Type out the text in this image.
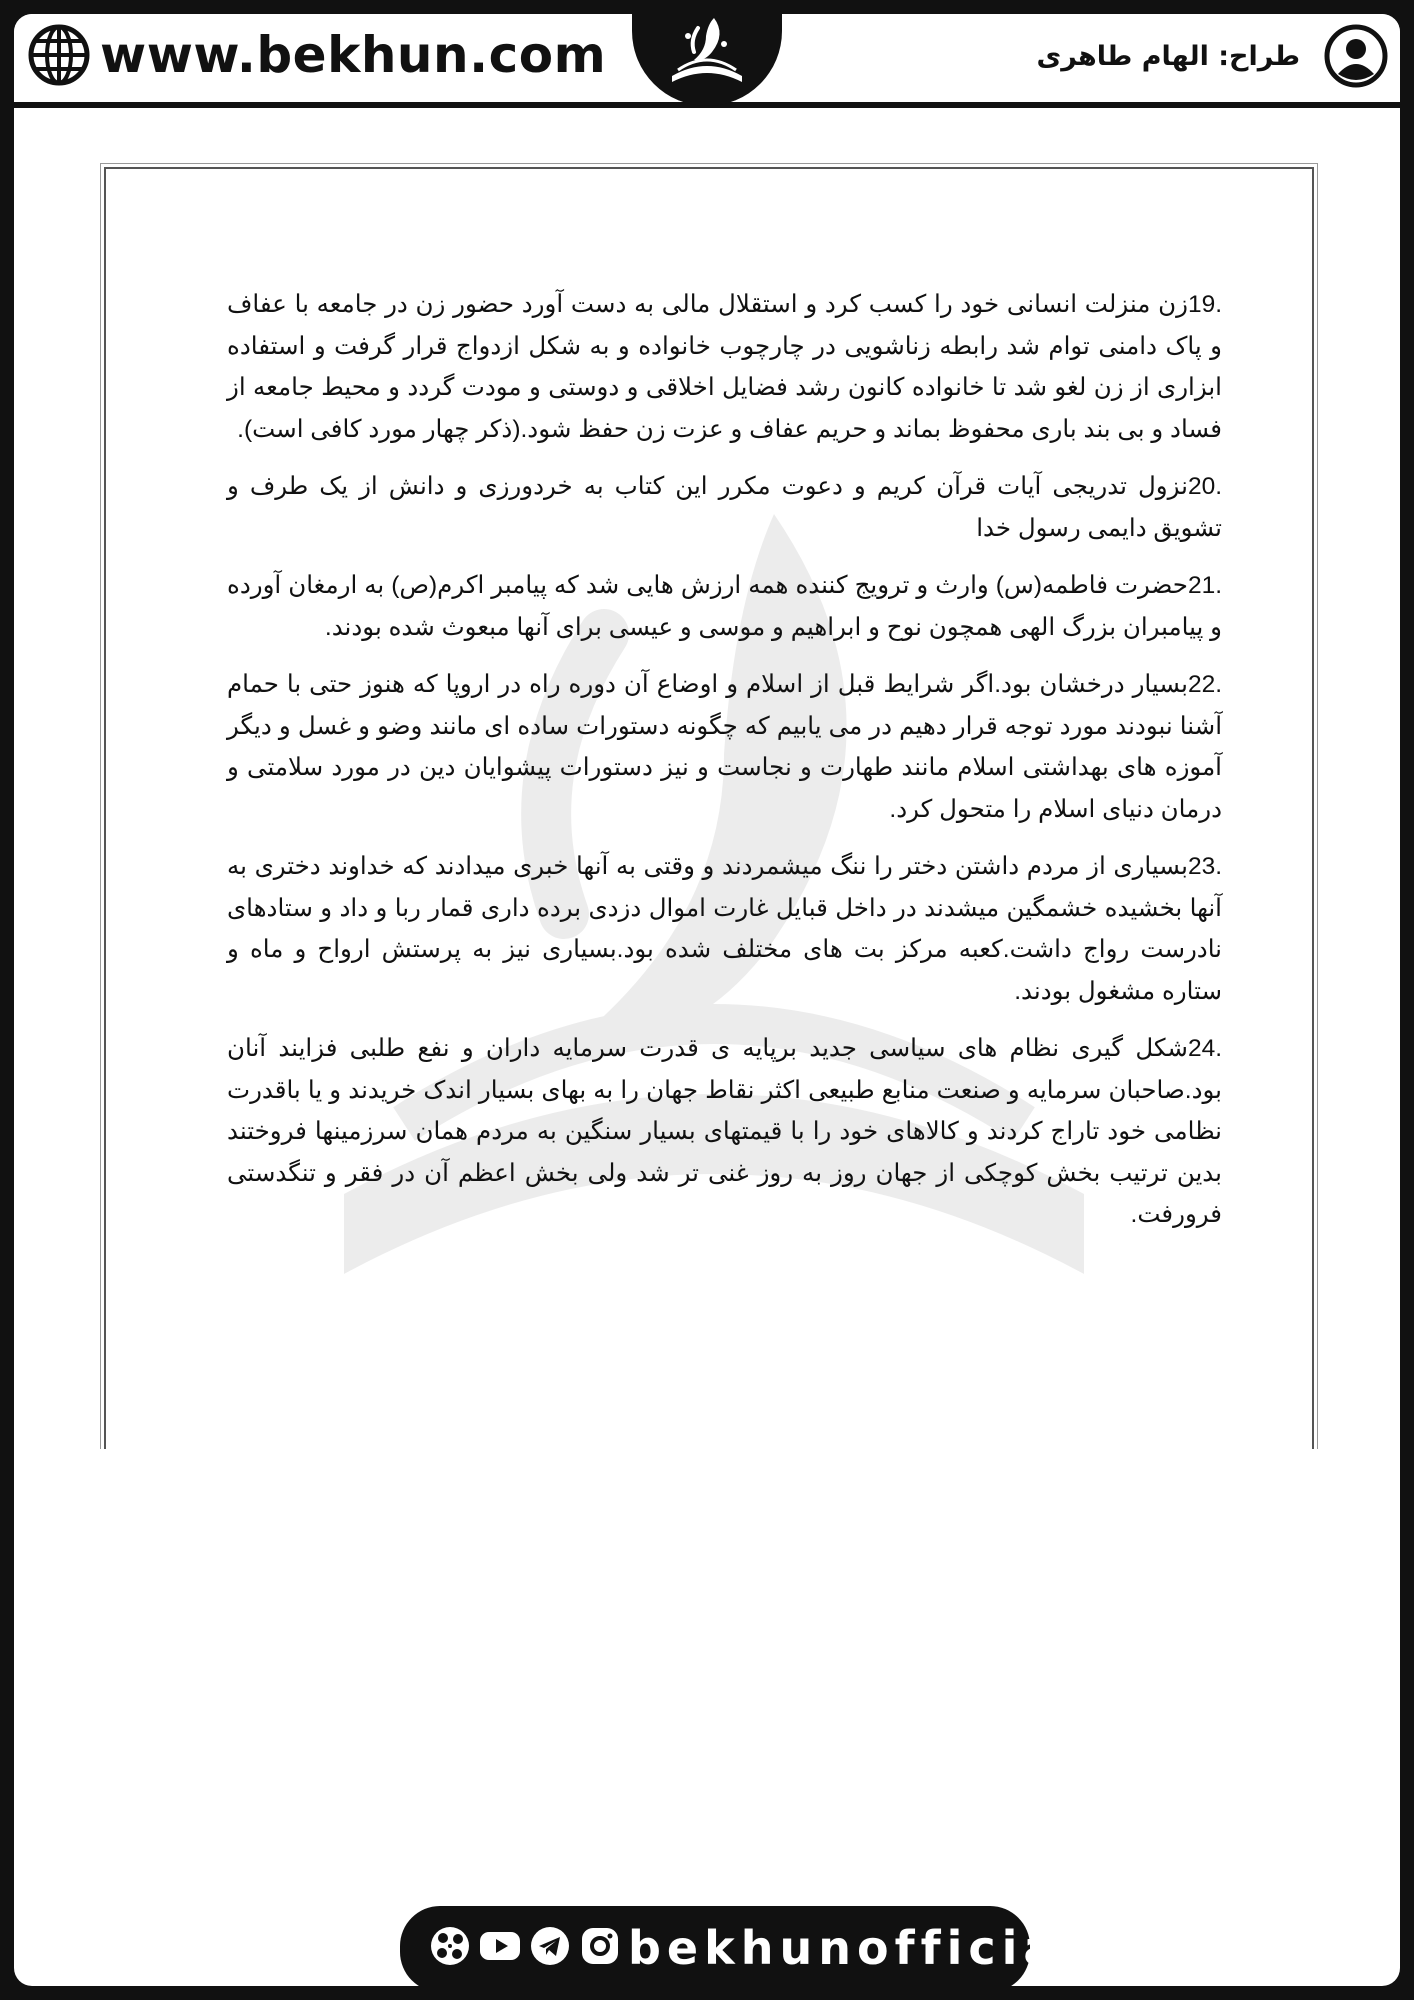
www.bekhun.com	طراح: الهام طاهری

19.زن منزلت انسانی خود را کسب کرد و استقلال مالی به دست آورد حضور زن در جامعه با عفاف و پاک دامنی توام شد رابطه زناشویی در چارچوب خانواده و به شکل ازدواج قرار گرفت و استفاده ابزاری از زن لغو شد تا خانواده کانون رشد فضایل اخلاقی و دوستی و مودت گردد و محیط جامعه از فساد و بی بند باری محفوظ بماند و حریم عفاف و عزت زن حفظ شود.(ذکر چهار مورد کافی است).

20.نزول تدریجی آیات قرآن کریم و دعوت مکرر این کتاب به خردورزی و دانش از یک طرف و تشویق دایمی رسول خدا

21.حضرت فاطمه(س) وارث و ترویج کننده همه ارزش هایی شد که پیامبر اکرم(ص) به ارمغان آورده و پیامبران بزرگ الهی همچون نوح و ابراهیم و موسی و عیسی برای آنها مبعوث شده بودند.

22.بسیار درخشان بود.اگر شرایط قبل از اسلام و اوضاع آن دوره راه در اروپا که هنوز حتی با حمام آشنا نبودند مورد توجه قرار دهیم در می یابیم که چگونه دستورات ساده ای مانند وضو و غسل و دیگر آموزه های بهداشتی اسلام مانند طهارت و نجاست و نیز دستورات پیشوایان دین در مورد سلامتی و درمان دنیای اسلام را متحول کرد.

23.بسیاری از مردم داشتن دختر را ننگ میشمردند و وقتی به آنها خبری میدادند که خداوند دختری به آنها بخشیده خشمگین میشدند در داخل قبایل غارت اموال دزدی برده داری قمار ربا و داد و ستادهای نادرست رواج داشت.کعبه مرکز بت های مختلف شده بود.بسیاری نیز به پرستش ارواح و ماه و ستاره مشغول بودند.

24.شکل گیری نظام های سیاسی جدید برپایه ی قدرت سرمایه داران و نفع طلبی فزایند آنان بود.صاحبان سرمایه و صنعت منابع طبیعی اکثر نقاط جهان را به بهای بسیار اندک خریدند و یا باقدرت نظامی خود تاراج کردند و کالاهای خود را با قیمتهای بسیار سنگین به مردم همان سرزمینها فروختند بدین ترتیب بخش کوچکی از جهان روز به روز غنی تر شد ولی بخش اعظم آن در فقر و تنگدستی فرورفت.

bekhunofficial
